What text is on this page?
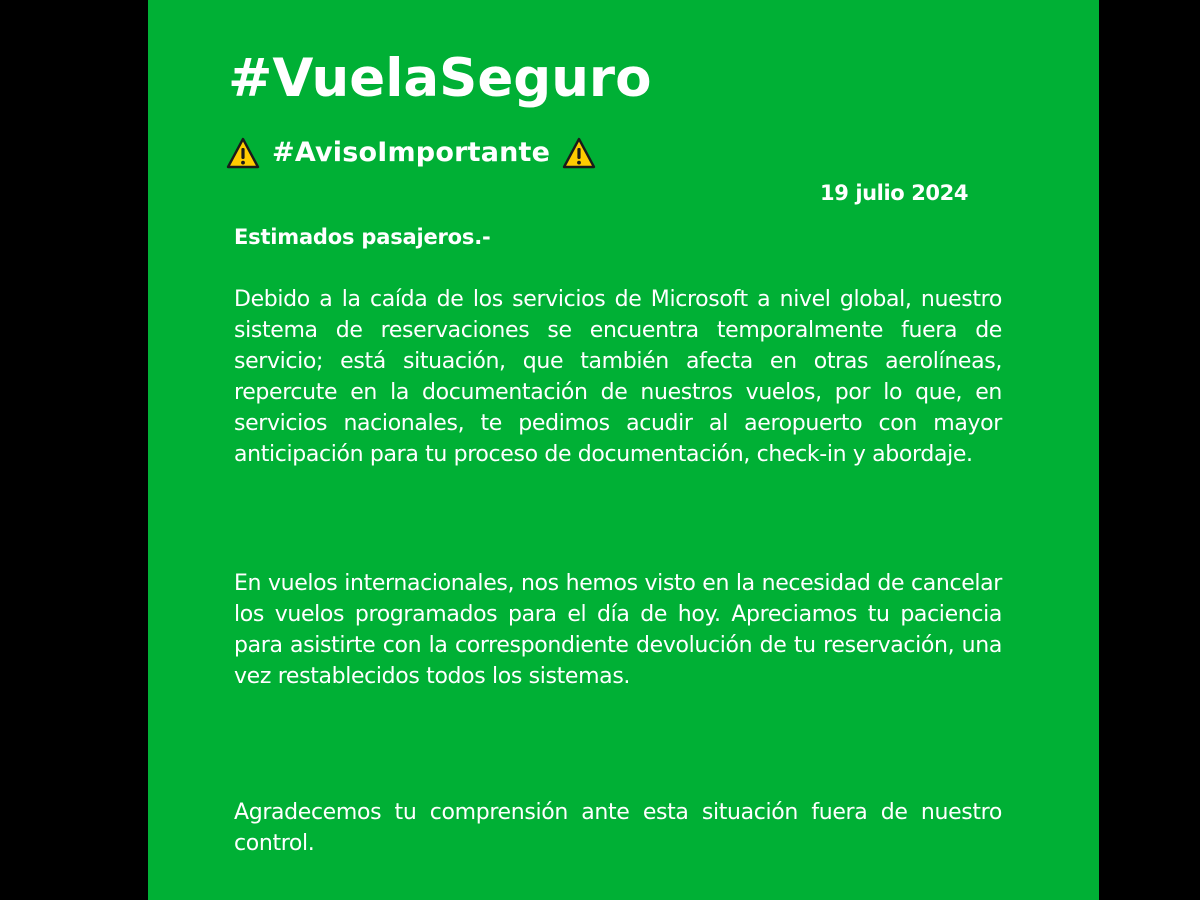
#VuelaSeguro
#AvisoImportante
19 julio 2024
Estimados pasajeros.-

Debido a la caída de los servicios de Microsoft a nivel global, nuestro sistema de reservaciones se encuentra temporalmente fuera de servicio; está situación, que también afecta en otras aerolíneas, repercute en la documentación de nuestros vuelos, por lo que, en servicios nacionales, te pedimos acudir al aeropuerto con mayor anticipación para tu proceso de documentación, check-in y abordaje.

En vuelos internacionales, nos hemos visto en la necesidad de cancelar los vuelos programados para el día de hoy. Apreciamos tu paciencia para asistirte con la correspondiente devolución de tu reservación, una vez restablecidos todos los sistemas.

Agradecemos tu comprensión ante esta situación fuera de nuestro control.
